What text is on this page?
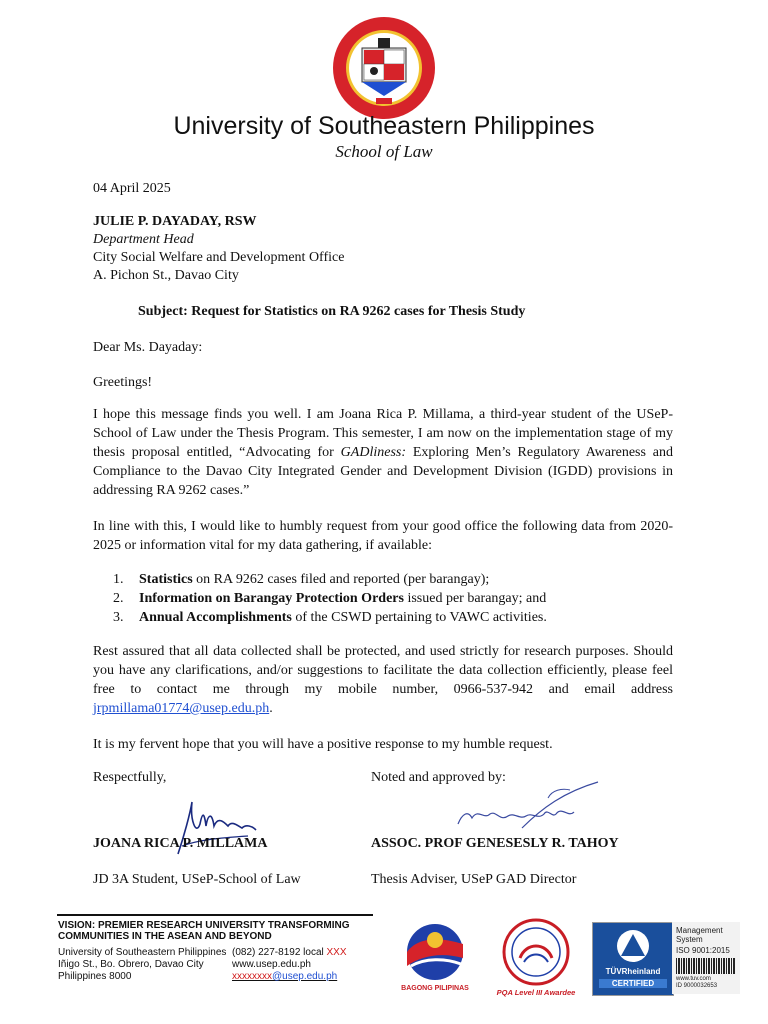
University of Southeastern Philippines
School of Law
04 April 2025
JULIE P. DAYADAY, RSW
Department Head
City Social Welfare and Development Office
A. Pichon St., Davao City
Subject: Request for Statistics on RA 9262 cases for Thesis Study
Dear Ms. Dayaday:
Greetings!
I hope this message finds you well. I am Joana Rica P. Millama, a third-year student of the USeP-School of Law under the Thesis Program. This semester, I am now on the implementation stage of my thesis proposal entitled, “Advocating for GADliness: Exploring Men’s Regulatory Awareness and Compliance to the Davao City Integrated Gender and Development Division (IGDD) provisions in addressing RA 9262 cases.”
In line with this, I would like to humbly request from your good office the following data from 2020-2025 or information vital for my data gathering, if available:
1. Statistics on RA 9262 cases filed and reported (per barangay);
2. Information on Barangay Protection Orders issued per barangay; and
3. Annual Accomplishments of the CSWD pertaining to VAWC activities.
Rest assured that all data collected shall be protected, and used strictly for research purposes. Should you have any clarifications, and/or suggestions to facilitate the data collection efficiently, please feel free to contact me through my mobile number, 0966-537-942 and email address jrpmillama01774@usep.edu.ph.
It is my fervent hope that you will have a positive response to my humble request.
Respectfully,	Noted and approved by:
JOANA RICA P. MILLAMA	ASSOC. PROF GENESESLY R. TAHOY
JD 3A Student, USeP-School of Law	Thesis Adviser, USeP GAD Director
VISION: PREMIER RESEARCH UNIVERSITY TRANSFORMING
COMMUNITIES IN THE ASEAN AND BEYOND
University of Southeastern Philippines
Iñigo St., Bo. Obrero, Davao City
Philippines 8000
(082) 227-8192 local XXX
www.usep.edu.ph
xxxxxxxx@usep.edu.ph
BAGONG PILIPINAS	PQA Level III Awardee
TÜVRheinland
CERTIFIED
Management
System
ISO 9001:2015
www.tuv.com
ID 9000032653
